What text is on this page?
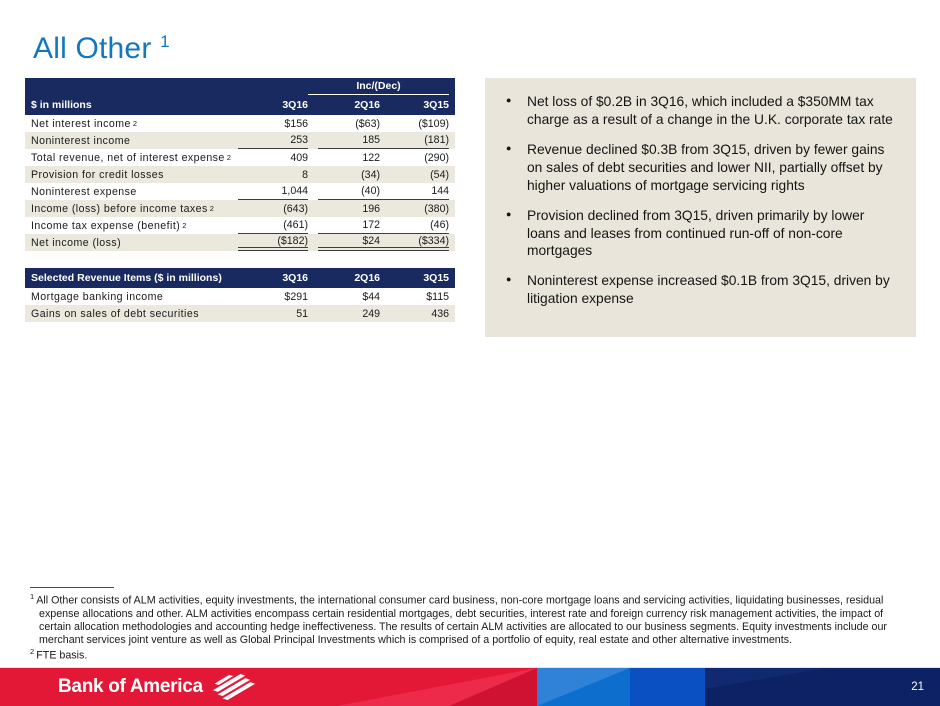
All Other $^1$
Inc/(Dec)
$ in millions	3Q16	2Q16	3Q15
Net interest income 2	$156	($63)	($109)
Noninterest income	253	185	(181)
Total revenue, net of interest expense 2	409	122	(290)
Provision for credit losses	8	(34)	(54)
Noninterest expense	1,044	(40)	144
Income (loss) before income taxes 2	(643)	196	(380)
Income tax expense (benefit) 2	(461)	172	(46)
Net income (loss)	($182)	$24	($334)
Selected Revenue Items ($ in millions)	3Q16	2Q16	3Q15
Mortgage banking income	$291	$44	$115
Gains on sales of debt securities	51	249	436
● Net loss of $0.2B in 3Q16, which included a $350MM tax charge as a result of a change in the U.K. corporate tax rate
● Revenue declined $0.3B from 3Q15, driven by fewer gains on sales of debt securities and lower NII, partially offset by higher valuations of mortgage servicing rights
● Provision declined from 3Q15, driven primarily by lower loans and leases from continued run-off of non-core mortgages
● Noninterest expense increased $0.1B from 3Q15, driven by litigation expense

$^1$ All Other consists of ALM activities, equity investments, the international consumer card business, non-core mortgage loans and servicing activities, liquidating businesses, residual expense allocations and other. ALM activities encompass certain residential mortgages, debt securities, interest rate and foreign currency risk management activities, the impact of certain allocation methodologies and accounting hedge ineffectiveness. The results of certain ALM activities are allocated to our business segments. Equity investments include our merchant services joint venture as well as Global Principal Investments which is comprised of a portfolio of equity, real estate and other alternative investments.

$^2$ FTE basis.

Bank of America	21
